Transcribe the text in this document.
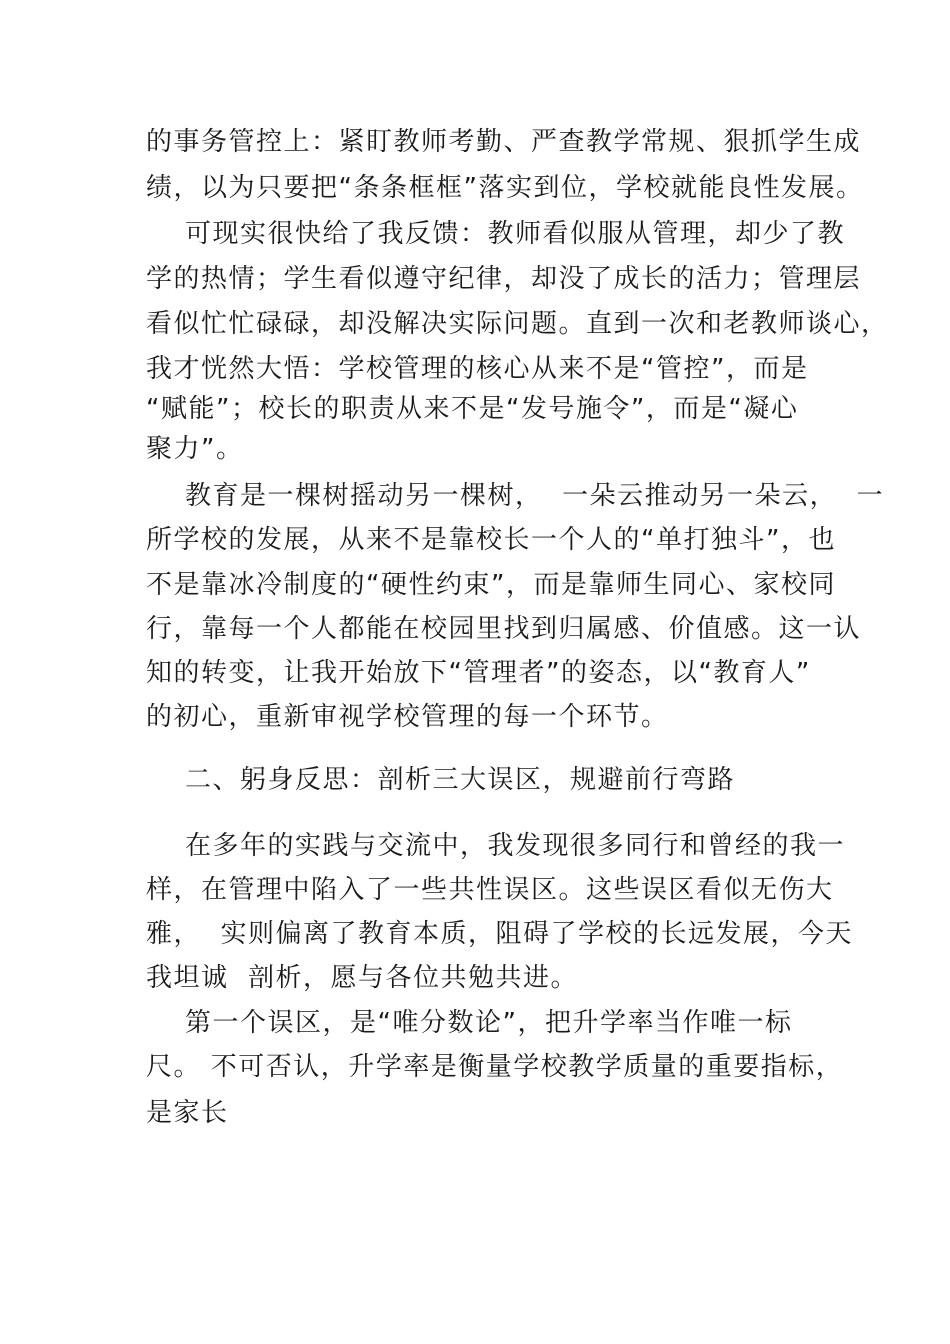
的事务管控上：紧盯教师考勤、严查教学常规、狠抓学生成

绩，以为只要把“条条框框”落实到位，学校就能良性发展。

可现实很快给了我反馈：教师看似服从管理，却少了教

学的热情；学生看似遵守纪律，却没了成长的活力；管理层

看似忙忙碌碌，却没解决实际问题。直到一次和老教师谈心，

我才恍然大悟：学校管理的核心从来不是“管控”，而是

“赋能”；校长的职责从来不是“发号施令”，而是“凝心

聚力”。

教育是一棵树摇动另一棵树，  一朵云推动另一朵云，  一

所学校的发展，从来不是靠校长一个人的“单打独斗”，也

不是靠冰冷制度的“硬性约束”，而是靠师生同心、家校同

行，靠每一个人都能在校园里找到归属感、价值感。这一认

知的转变，让我开始放下“管理者”的姿态，以“教育人”

的初心，重新审视学校管理的每一个环节。

二、躬身反思：剖析三大误区，规避前行弯路

在多年的实践与交流中，我发现很多同行和曾经的我一

样，在管理中陷入了一些共性误区。这些误区看似无伤大

雅，  实则偏离了教育本质，阻碍了学校的长远发展，今天

我坦诚  剖析，愿与各位共勉共进。

第一个误区，是“唯分数论”，把升学率当作唯一标

尺。 不可否认，升学率是衡量学校教学质量的重要指标，

是家长
